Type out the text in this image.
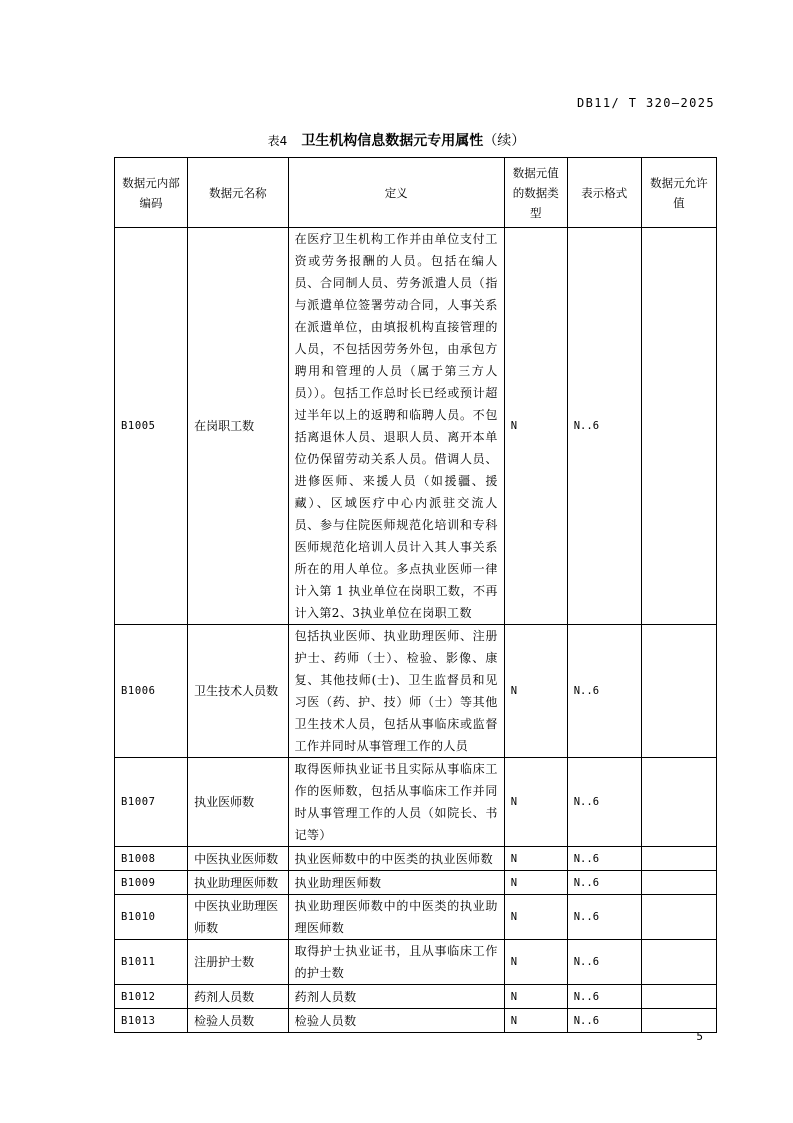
DB11/ T 320—2025
表4 卫生机构信息数据元专用属性（续）
数据元内部编码	数据元名称	定义	数据元值的数据类型	表示格式	数据元允许值
B1005	在岗职工数	在医疗卫生机构工作并由单位支付工资或劳务报酬的人员。包括在编人员、合同制人员、劳务派遣人员（指与派遣单位签署劳动合同，人事关系在派遣单位，由填报机构直接管理的人员，不包括因劳务外包，由承包方聘用和管理的人员（属于第三方人员））。包括工作总时长已经或预计超过半年以上的返聘和临聘人员。不包括离退休人员、退职人员、离开本单位仍保留劳动关系人员。借调人员、进修医师、来援人员（如援疆、援藏）、区域医疗中心内派驻交流人员、参与住院医师规范化培训和专科医师规范化培训人员计入其人事关系所在的用人单位。多点执业医师一律计入第 1 执业单位在岗职工数，不再计入第2、3执业单位在岗职工数	N	N..6	
B1006	卫生技术人员数	包括执业医师、执业助理医师、注册护士、药师（士）、检验、影像、康复、其他技师(士)、卫生监督员和见习医（药、护、技）师（士）等其他卫生技术人员，包括从事临床或监督工作并同时从事管理工作的人员	N	N..6	
B1007	执业医师数	取得医师执业证书且实际从事临床工作的医师数，包括从事临床工作并同时从事管理工作的人员（如院长、书记等）	N	N..6	
B1008	中医执业医师数	执业医师数中的中医类的执业医师数	N	N..6	
B1009	执业助理医师数	执业助理医师数	N	N..6	
B1010	中医执业助理医师数	执业助理医师数中的中医类的执业助理医师数	N	N..6	
B1011	注册护士数	取得护士执业证书，且从事临床工作的护士数	N	N..6	
B1012	药剂人员数	药剂人员数	N	N..6	
B1013	检验人员数	检验人员数	N	N..6	
5
